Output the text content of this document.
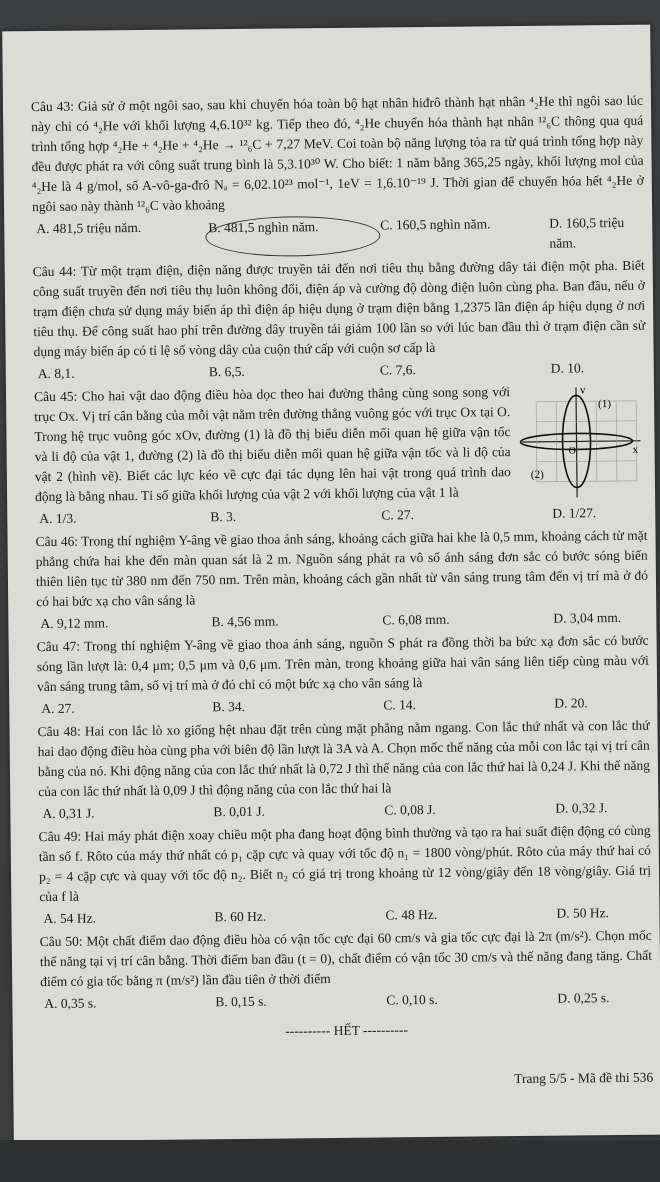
Câu 43: Giả sử ở một ngôi sao, sau khi chuyển hóa toàn bộ hạt nhân hiđrô thành hạt nhân ⁴₂He thì ngôi sao lúc này chỉ có ⁴₂He với khối lượng 4,6.10³² kg. Tiếp theo đó, ⁴₂He chuyển hóa thành hạt nhân ¹²₆C thông qua quá trình tổng hợp ⁴₂He + ⁴₂He + ⁴₂He → ¹²₆C + 7,27 MeV. Coi toàn bộ năng lượng tỏa ra từ quá trình tổng hợp này đều được phát ra với công suất trung bình là 5,3.10³⁰ W. Cho biết: 1 năm bằng 365,25 ngày, khối lượng mol của ⁴₂He là 4 g/mol, số A-vô-ga-đrô Nₐ = 6,02.10²³ mol⁻¹, 1eV = 1,6.10⁻¹⁹ J. Thời gian để chuyển hóa hết ⁴₂He ở ngôi sao này thành ¹²₆C vào khoảng

A. 481,5 triệu năm.	B. 481,5 nghìn năm.	C. 160,5 nghìn năm.	D. 160,5 triệu năm.

Câu 44: Từ một trạm điện, điện năng được truyền tải đến nơi tiêu thụ bằng đường dây tải điện một pha. Biết công suất truyền đến nơi tiêu thụ luôn không đổi, điện áp và cường độ dòng điện luôn cùng pha. Ban đầu, nếu ở trạm điện chưa sử dụng máy biến áp thì điện áp hiệu dụng ở trạm điện bằng 1,2375 lần điện áp hiệu dụng ở nơi tiêu thụ. Để công suất hao phí trên đường dây truyền tải giảm 100 lần so với lúc ban đầu thì ở trạm điện cần sử dụng máy biến áp có tỉ lệ số vòng dây của cuộn thứ cấp với cuộn sơ cấp là

A. 8,1.	B. 6,5.	C. 7,6.	D. 10.

Câu 45: Cho hai vật dao động điều hòa dọc theo hai đường thẳng cùng song song với trục Ox. Vị trí cân bằng của mỗi vật nằm trên đường thẳng vuông góc với trục Ox tại O. Trong hệ trục vuông góc xOv, đường (1) là đồ thị biểu diễn mối quan hệ giữa vận tốc và li độ của vật 1, đường (2) là đồ thị biểu diễn mối quan hệ giữa vận tốc và li độ của vật 2 (hình vẽ). Biết các lực kéo về cực đại tác dụng lên hai vật trong quá trình dao động là bằng nhau. Tỉ số giữa khối lượng của vật 2 với khối lượng của vật 1 là

v
x
O
(1)
(2)
A. 1/3.	B. 3.	C. 27.	D. 1/27.

Câu 46: Trong thí nghiệm Y-âng về giao thoa ánh sáng, khoảng cách giữa hai khe là 0,5 mm, khoảng cách từ mặt phẳng chứa hai khe đến màn quan sát là 2 m. Nguồn sáng phát ra vô số ánh sáng đơn sắc có bước sóng biến thiên liên tục từ 380 nm đến 750 nm. Trên màn, khoảng cách gần nhất từ vân sáng trung tâm đến vị trí mà ở đó có hai bức xạ cho vân sáng là

A. 9,12 mm.	B. 4,56 mm.	C. 6,08 mm.	D. 3,04 mm.

Câu 47: Trong thí nghiệm Y-âng về giao thoa ánh sáng, nguồn S phát ra đồng thời ba bức xạ đơn sắc có bước sóng lần lượt là: 0,4 μm; 0,5 μm và 0,6 μm. Trên màn, trong khoảng giữa hai vân sáng liên tiếp cùng màu với vân sáng trung tâm, số vị trí mà ở đó chỉ có một bức xạ cho vân sáng là

A. 27.	B. 34.	C. 14.	D. 20.

Câu 48: Hai con lắc lò xo giống hệt nhau đặt trên cùng mặt phẳng nằm ngang. Con lắc thứ nhất và con lắc thứ hai dao động điều hòa cùng pha với biên độ lần lượt là 3A và A. Chọn mốc thế năng của mỗi con lắc tại vị trí cân bằng của nó. Khi động năng của con lắc thứ nhất là 0,72 J thì thế năng của con lắc thứ hai là 0,24 J. Khi thế năng của con lắc thứ nhất là 0,09 J thì động năng của con lắc thứ hai là

A. 0,31 J.	B. 0,01 J.	C. 0,08 J.	D. 0,32 J.

Câu 49: Hai máy phát điện xoay chiều một pha đang hoạt động bình thường và tạo ra hai suất điện động có cùng tần số f. Rôto của máy thứ nhất có p₁ cặp cực và quay với tốc độ n₁ = 1800 vòng/phút. Rôto của máy thứ hai có p₂ = 4 cặp cực và quay với tốc độ n₂. Biết n₂ có giá trị trong khoảng từ 12 vòng/giây đến 18 vòng/giây. Giá trị của f là

A. 54 Hz.	B. 60 Hz.	C. 48 Hz.	D. 50 Hz.

Câu 50: Một chất điểm dao động điều hòa có vận tốc cực đại 60 cm/s và gia tốc cực đại là 2π (m/s²). Chọn mốc thế năng tại vị trí cân bằng. Thời điểm ban đầu (t = 0), chất điểm có vận tốc 30 cm/s và thế năng đang tăng. Chất điểm có gia tốc bằng π (m/s²) lần đầu tiên ở thời điểm

A. 0,35 s.	B. 0,15 s.	C. 0,10 s.	D. 0,25 s.
---------- HẾT ----------
Trang 5/5 - Mã đề thi 536
